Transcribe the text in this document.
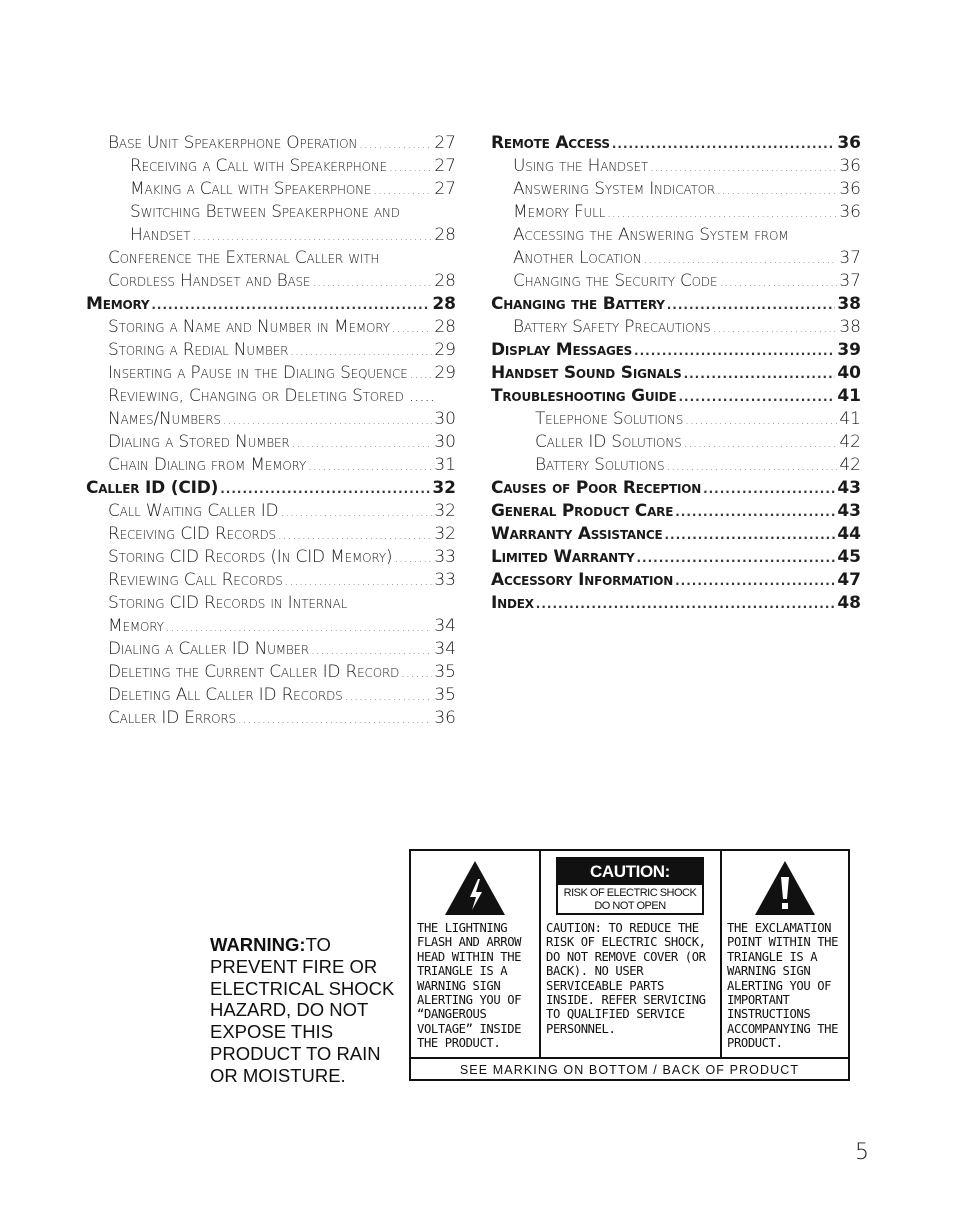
Base Unit Speakerphone Operation .....	27
Receiving a Call with Speakerphone .....	27
Making a Call with Speakerphone .....	27
Switching Between Speakerphone and
Handset .....	28
Conference the External Caller with
Cordless Handset and Base .....	28
Memory .....	28
Storing a Name and Number in Memory .....	28
Storing a Redial Number .....	29
Inserting a Pause in the Dialing Sequence ..... 29
Reviewing, Changing or Deleting Stored .....
Names/Numbers .....	30
Dialing a Stored Number .....	30
Chain Dialing from Memory .....	31
Caller ID (CID) .....	32
Call Waiting Caller ID .....	32
Receiving CID Records .....	32
Storing CID Records (In CID Memory) ..... 33
Reviewing Call Records .....	33
Storing CID Records in Internal
Memory .....	34
Dialing a Caller ID Number .....	34
Deleting the Current Caller ID Record ..... 35
Deleting All Caller ID Records .....	35
Caller ID Errors .....	36
Remote Access .....	36
Using the Handset .....	36
Answering System Indicator .....	36
Memory Full .....	36
Accessing the Answering System from
Another Location .....	37
Changing the Security Code .....	37
Changing the Battery .....	38
Battery Safety Precautions .....	38
Display Messages .....	39
Handset Sound Signals .....	40
Troubleshooting Guide .....	41
Telephone Solutions .....	41
Caller ID Solutions .....	42
Battery Solutions .....	42
Causes of Poor Reception .....	43
General Product Care .....	43
Warranty Assistance .....	44
Limited Warranty .....	45
Accessory Information .....	47
Index .....	48
WARNING:TO PREVENT FIRE OR ELECTRICAL SHOCK HAZARD, DO NOT EXPOSE THIS PRODUCT TO RAIN OR MOISTURE.
THE LIGHTNING FLASH AND ARROW HEAD WITHIN THE TRIANGLE IS A WARNING SIGN ALERTING YOU OF “DANGEROUS VOLTAGE” INSIDE THE PRODUCT.
CAUTION:
RISK OF ELECTRIC SHOCK
DO NOT OPEN
CAUTION: TO REDUCE THE RISK OF ELECTRIC SHOCK, DO NOT REMOVE COVER (OR BACK). NO USER SERVICEABLE PARTS INSIDE. REFER SERVICING TO QUALIFIED SERVICE PERSONNEL.
THE EXCLAMATION POINT WITHIN THE TRIANGLE IS A WARNING SIGN ALERTING YOU OF IMPORTANT INSTRUCTIONS ACCOMPANYING THE PRODUCT.
SEE MARKING ON BOTTOM / BACK OF PRODUCT
5
